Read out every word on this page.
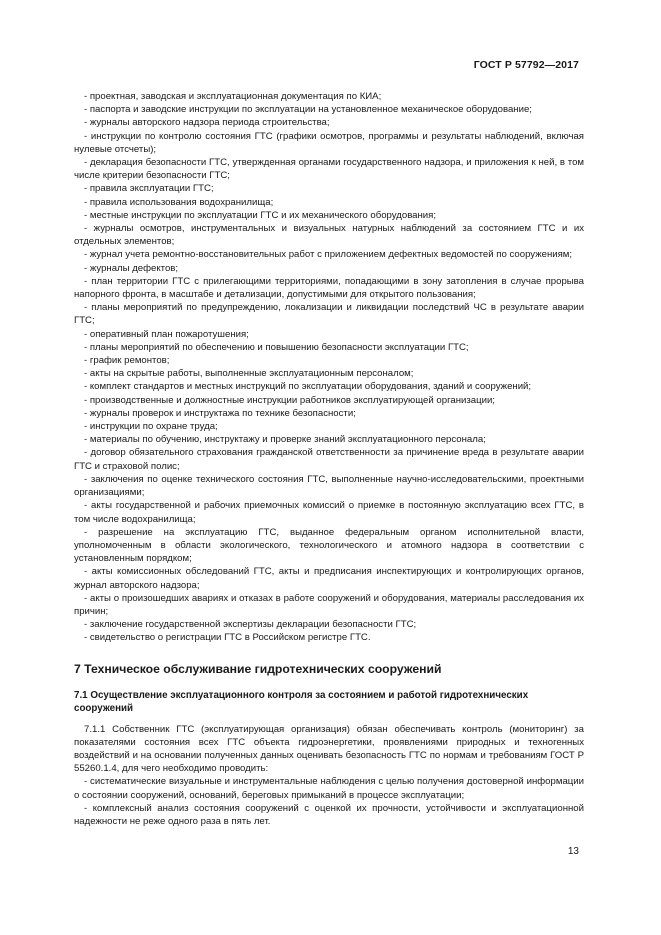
ГОСТ Р 57792—2017

- проектная, заводская и эксплуатационная документация по КИА;

- паспорта и заводские инструкции по эксплуатации на установленное механическое оборудование;

- журналы авторского надзора периода строительства;

- инструкции по контролю состояния ГТС (графики осмотров, программы и результаты наблюдений, включая нулевые отсчеты);

- декларация безопасности ГТС, утвержденная органами государственного надзора, и приложения к ней, в том числе критерии безопасности ГТС;

- правила эксплуатации ГТС;

- правила использования водохранилища;

- местные инструкции по эксплуатации ГТС и их механического оборудования;

- журналы осмотров, инструментальных и визуальных натурных наблюдений за состоянием ГТС и их отдельных элементов;

- журнал учета ремонтно-восстановительных работ с приложением дефектных ведомостей по сооружениям;

- журналы дефектов;

- план территории ГТС с прилегающими территориями, попадающими в зону затопления в случае прорыва напорного фронта, в масштабе и детализации, допустимыми для открытого пользования;

- планы мероприятий по предупреждению, локализации и ликвидации последствий ЧС в результате аварии ГТС;

- оперативный план пожаротушения;

- планы мероприятий по обеспечению и повышению безопасности эксплуатации ГТС;

- график ремонтов;

- акты на скрытые работы, выполненные эксплуатационным персоналом;

- комплект стандартов и местных инструкций по эксплуатации оборудования, зданий и сооружений;

- производственные и должностные инструкции работников эксплуатирующей организации;

- журналы проверок и инструктажа по технике безопасности;

- инструкции по охране труда;

- материалы по обучению, инструктажу и проверке знаний эксплуатационного персонала;

- договор обязательного страхования гражданской ответственности за причинение вреда в результате аварии ГТС и страховой полис;

- заключения по оценке технического состояния ГТС, выполненные научно-исследовательскими, проектными организациями;

- акты государственной и рабочих приемочных комиссий о приемке в постоянную эксплуатацию всех ГТС, в том числе водохранилища;

- разрешение на эксплуатацию ГТС, выданное федеральным органом исполнительной власти, уполномоченным в области экологического, технологического и атомного надзора в соответствии с установленным порядком;

- акты комиссионных обследований ГТС, акты и предписания инспектирующих и контролирующих органов, журнал авторского надзора;

- акты о произошедших авариях и отказах в работе сооружений и оборудования, материалы расследования их причин;

- заключение государственной экспертизы декларации безопасности ГТС;

- свидетельство о регистрации ГТС в Российском регистре ГТС.

7 Техническое обслуживание гидротехнических сооружений
7.1 Осуществление эксплуатационного контроля за состоянием и работой гидротехнических сооружений

7.1.1 Собственник ГТС (эксплуатирующая организация) обязан обеспечивать контроль (мониторинг) за показателями состояния всех ГТС объекта гидроэнергетики, проявлениями природных и техногенных воздействий и на основании полученных данных оценивать безопасность ГТС по нормам и требованиям ГОСТ Р 55260.1.4, для чего необходимо проводить:

- систематические визуальные и инструментальные наблюдения с целью получения достоверной информации о состоянии сооружений, оснований, береговых примыканий в процессе эксплуатации;

- комплексный анализ состояния сооружений с оценкой их прочности, устойчивости и эксплуатационной надежности не реже одного раза в пять лет.

13
